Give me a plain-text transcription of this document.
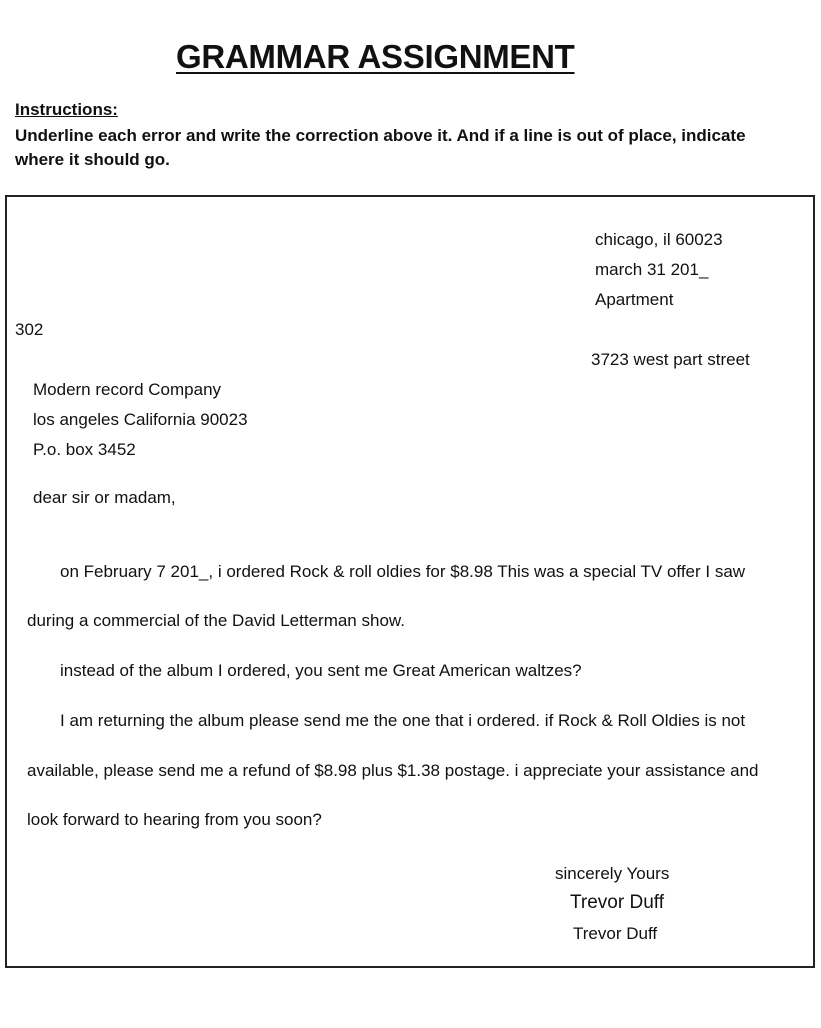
GRAMMAR ASSIGNMENT
Instructions:
Underline each error and write the correction above it. And if a line is out of place, indicate where it should go.
chicago, il 60023
march 31 201_
Apartment
302
3723 west part street
Modern record Company
los angeles California 90023
P.o. box 3452
dear sir or madam,
on February 7 201_, i ordered Rock & roll oldies for $8.98 This was a special TV offer I saw
during a commercial of the David Letterman show.
instead of the album I ordered, you sent me Great American waltzes?
I am returning the album please send me the one that i ordered. if Rock & Roll Oldies is not
available, please send me a refund of $8.98 plus $1.38 postage. i appreciate your assistance and
look forward to hearing from you soon?
sincerely Yours
Trevor Duff
Trevor Duff
